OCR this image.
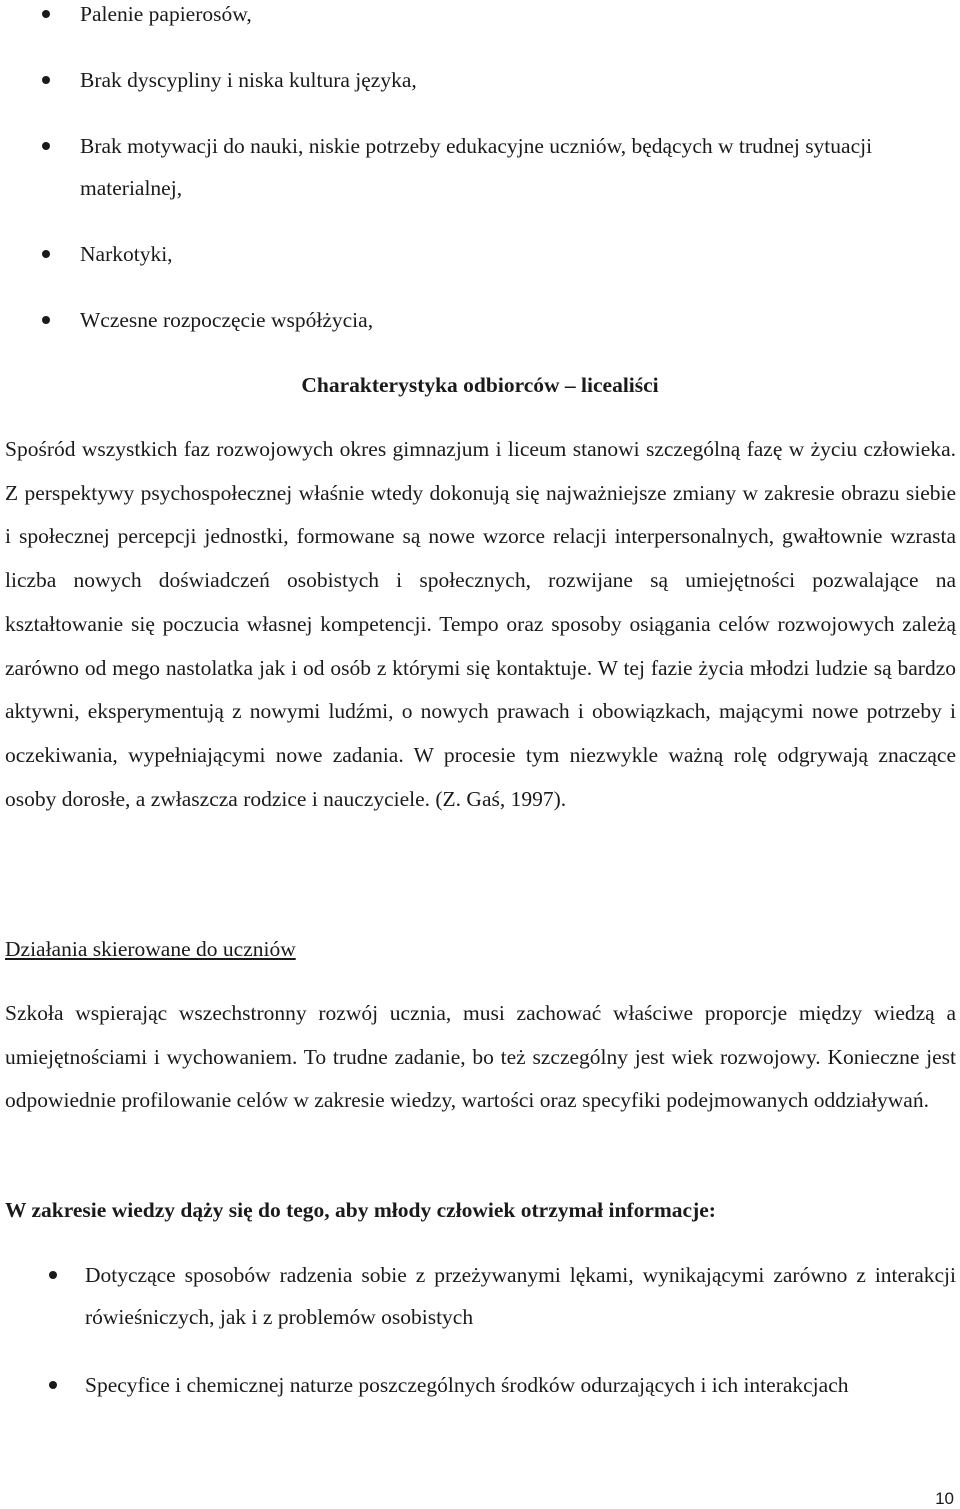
Palenie papierosów,
Brak dyscypliny i niska kultura języka,
Brak motywacji do nauki, niskie potrzeby edukacyjne uczniów, będących w trudnej sytuacji materialnej,
Narkotyki,
Wczesne rozpoczęcie współżycia,
Charakterystyka odbiorców – licealiści

Spośród wszystkich faz rozwojowych okres gimnazjum i liceum stanowi szczególną fazę w życiu człowieka. Z perspektywy psychospołecznej właśnie wtedy dokonują się najważniejsze zmiany w zakresie obrazu siebie i społecznej percepcji jednostki, formowane są nowe wzorce relacji interpersonalnych, gwałtownie wzrasta liczba nowych doświadczeń osobistych i społecznych, rozwijane są umiejętności pozwalające na kształtowanie się poczucia własnej kompetencji. Tempo oraz sposoby osiągania celów rozwojowych zależą zarówno od mego nastolatka jak i od osób z którymi się kontaktuje. W tej fazie życia młodzi ludzie są bardzo aktywni, eksperymentują z nowymi ludźmi, o nowych prawach i obowiązkach, mającymi nowe potrzeby i oczekiwania, wypełniającymi nowe zadania. W procesie tym niezwykle ważną rolę odgrywają znaczące osoby dorosłe, a zwłaszcza rodzice i nauczyciele. (Z. Gaś, 1997).

Działania skierowane do uczniów

Szkoła wspierając wszechstronny rozwój ucznia, musi zachować właściwe proporcje między wiedzą a umiejętnościami i wychowaniem. To trudne zadanie, bo też szczególny jest wiek rozwojowy. Konieczne jest odpowiednie profilowanie celów w zakresie wiedzy, wartości oraz specyfiki podejmowanych oddziaływań.

W zakresie wiedzy dąży się do tego, aby młody człowiek otrzymał informacje:
Dotyczące sposobów radzenia sobie z przeżywanymi lękami, wynikającymi zarówno z interakcji rówieśniczych, jak i z problemów osobistych
Specyfice i chemicznej naturze poszczególnych środków odurzających i ich interakcjach
10
